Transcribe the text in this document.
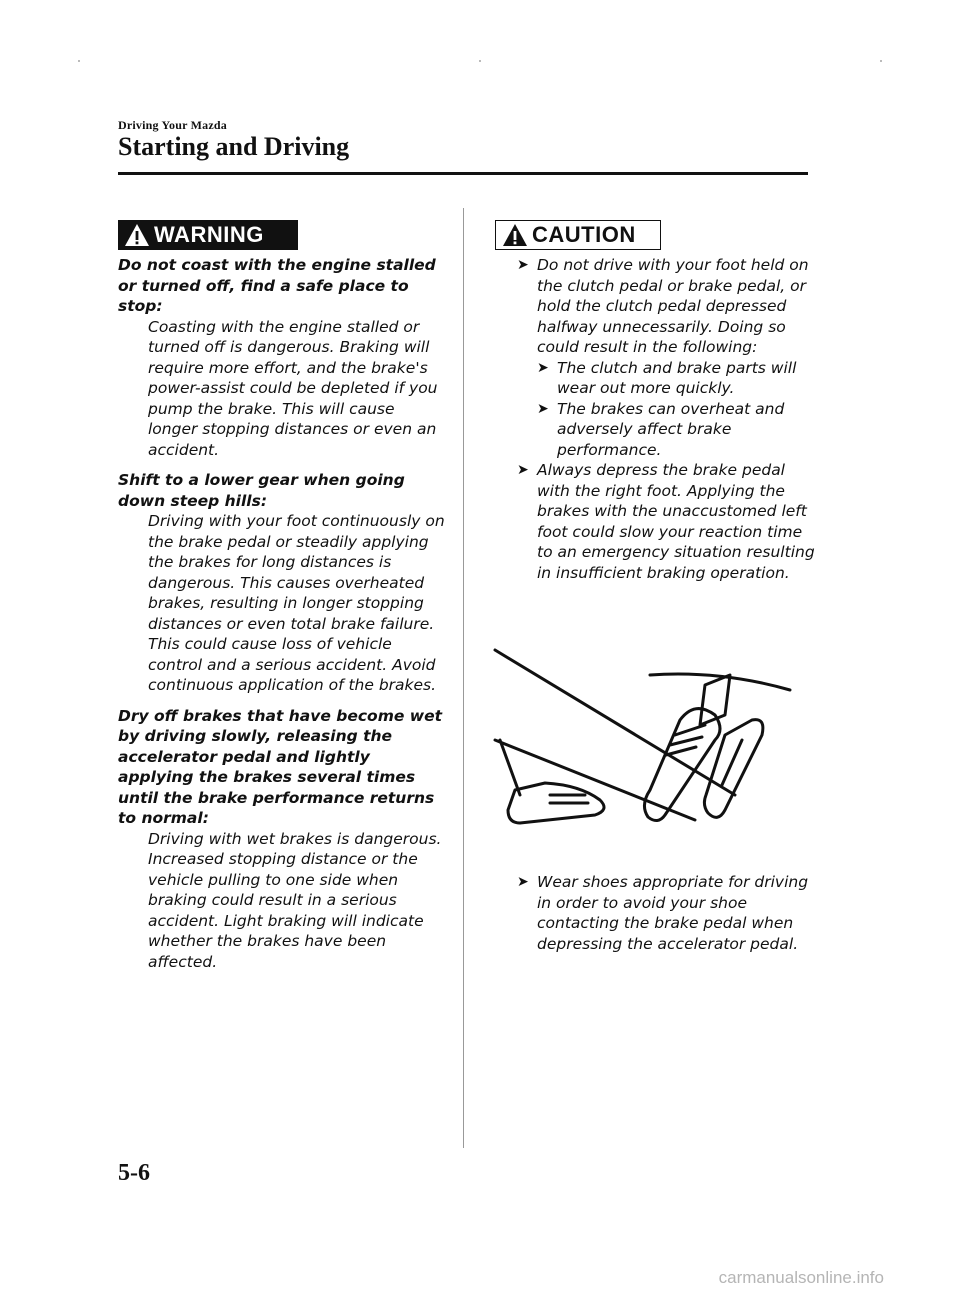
Driving Your Mazda
Starting and Driving
WARNING	CAUTION

Do not coast with the engine stalled or turned off, find a safe place to stop:

Coasting with the engine stalled or turned off is dangerous. Braking will require more effort, and the brake's power-assist could be depleted if you pump the brake. This will cause longer stopping distances or even an accident.

Shift to a lower gear when going down steep hills:

Driving with your foot continuously on the brake pedal or steadily applying the brakes for long distances is dangerous. This causes overheated brakes, resulting in longer stopping distances or even total brake failure. This could cause loss of vehicle control and a serious accident. Avoid continuous application of the brakes.

Dry off brakes that have become wet by driving slowly, releasing the accelerator pedal and lightly applying the brakes several times until the brake performance returns to normal:

Driving with wet brakes is dangerous. Increased stopping distance or the vehicle pulling to one side when braking could result in a serious accident. Light braking will indicate whether the brakes have been affected.

➤ Do not drive with your foot held on the clutch pedal or brake pedal, or hold the clutch pedal depressed halfway unnecessarily. Doing so could result in the following:
➤ The clutch and brake parts will wear out more quickly.
➤ The brakes can overheat and adversely affect brake performance.
➤ Always depress the brake pedal with the right foot. Applying the brakes with the unaccustomed left foot could slow your reaction time to an emergency situation resulting in insufficient braking operation.
➤ Wear shoes appropriate for driving in order to avoid your shoe contacting the brake pedal when depressing the accelerator pedal.
5-6
carmanualsonline.info
